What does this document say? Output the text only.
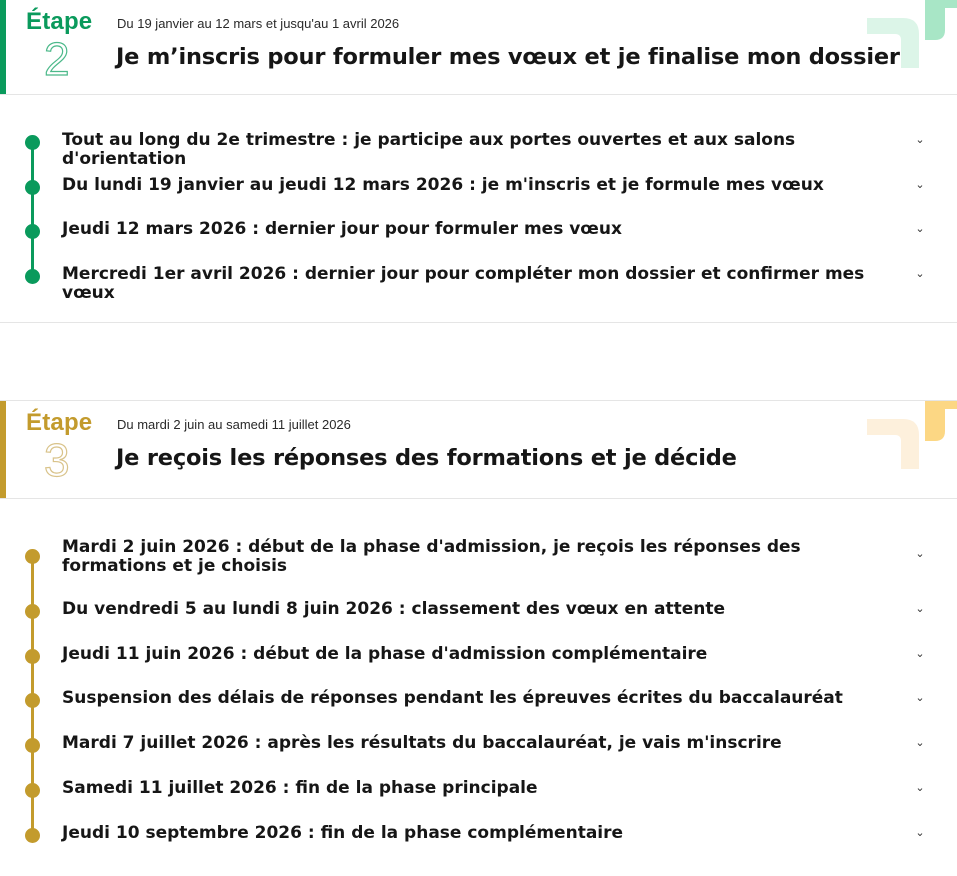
Étape
2
Du 19 janvier au 12 mars et jusqu'au 1 avril 2026
Je m’inscris pour formuler mes vœux et je finalise mon dossier
Tout au long du 2e trimestre : je participe aux portes ouvertes et aux salons d'orientation
⌄
Du lundi 19 janvier au jeudi 12 mars 2026 : je m'inscris et je formule mes vœux	⌄
Jeudi 12 mars 2026 : dernier jour pour formuler mes vœux	⌄
Mercredi 1er avril 2026 : dernier jour pour compléter mon dossier et confirmer mes vœux
⌄
Étape
3
Du mardi 2 juin au samedi 11 juillet 2026
Je reçois les réponses des formations et je décide
Mardi 2 juin 2026 : début de la phase d'admission, je reçois les réponses des formations et je choisis
⌄
Du vendredi 5 au lundi 8 juin 2026 : classement des vœux en attente	⌄
Jeudi 11 juin 2026 : début de la phase d'admission complémentaire	⌄
Suspension des délais de réponses pendant les épreuves écrites du baccalauréat	⌄
Mardi 7 juillet 2026 : après les résultats du baccalauréat, je vais m'inscrire	⌄
Samedi 11 juillet 2026 : fin de la phase principale	⌄
Jeudi 10 septembre 2026 : fin de la phase complémentaire	⌄
